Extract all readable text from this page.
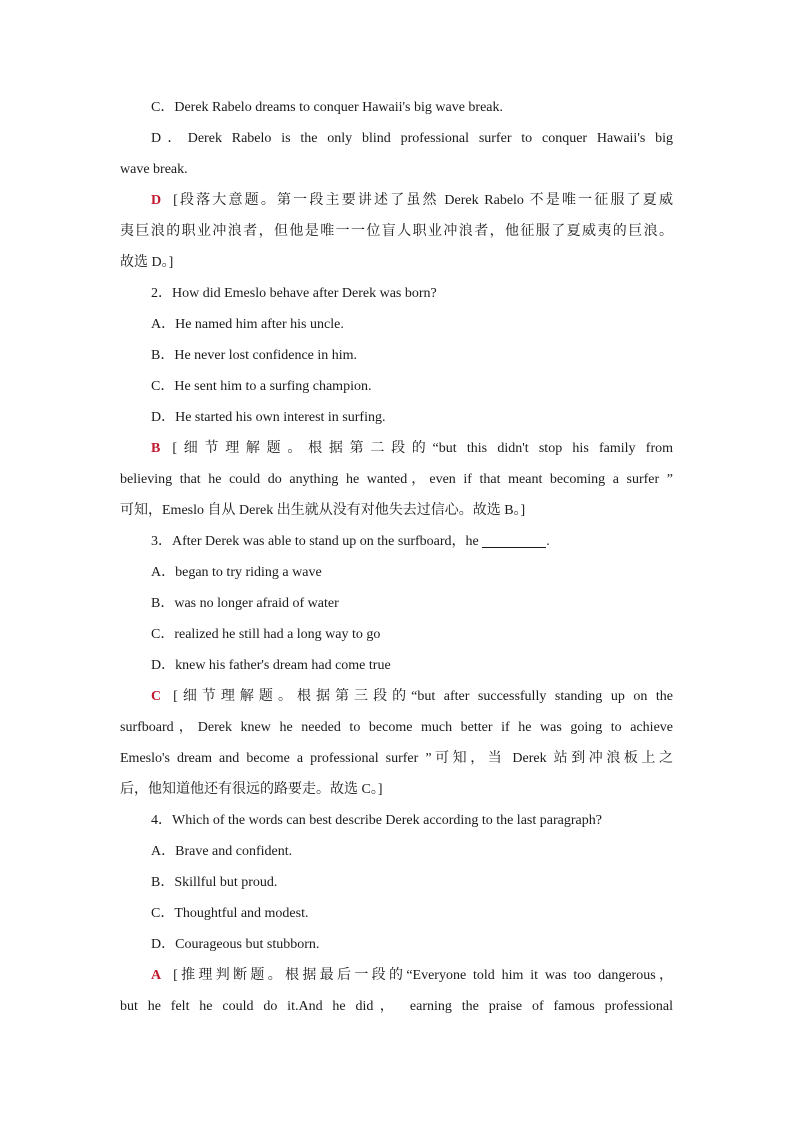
C．Derek Rabelo dreams to conquer Hawaii's big wave break.
D．Derek Rabelo is the only blind professional surfer to conquer Hawaii's big
wave break.
D [段落大意题。第一段主要讲述了虽然 Derek Rabelo 不是唯一征服了夏威
夷巨浪的职业冲浪者，但他是唯一一位盲人职业冲浪者，他征服了夏威夷的巨浪。
故选 D。]
2．How did Emeslo behave after Derek was born?
A．He named him after his uncle.
B．He never lost confidence in him.
C．He sent him to a surfing champion.
D．He started his own interest in surfing.
B [细节理解题。根据第二段的“but this didn't stop his family from
believing that he could do anything he wanted，even if that meant becoming a surfer ”
可知，Emeslo 自从 Derek 出生就从没有对他失去过信心。故选 B。]
3．After Derek was able to stand up on the surfboard，he	.
A．began to try riding a wave
B．was no longer afraid of water
C．realized he still had a long way to go
D．knew his father's dream had come true
C [细节理解题。根据第三段的“but after successfully standing up on the
surfboard，Derek knew he needed to become much better if he was going to achieve
Emeslo's dream and become a professional surfer ”可知，当 Derek 站到冲浪板上之
后，他知道他还有很远的路要走。故选 C。]
4．Which of the words can best describe Derek according to the last paragraph?
A．Brave and confident.
B．Skillful but proud.
C．Thoughtful and modest.
D．Courageous but stubborn.
A [推理判断题。根据最后一段的“Everyone told him it was too dangerous，
but he felt he could do it.And he did， earning the praise of famous professional
